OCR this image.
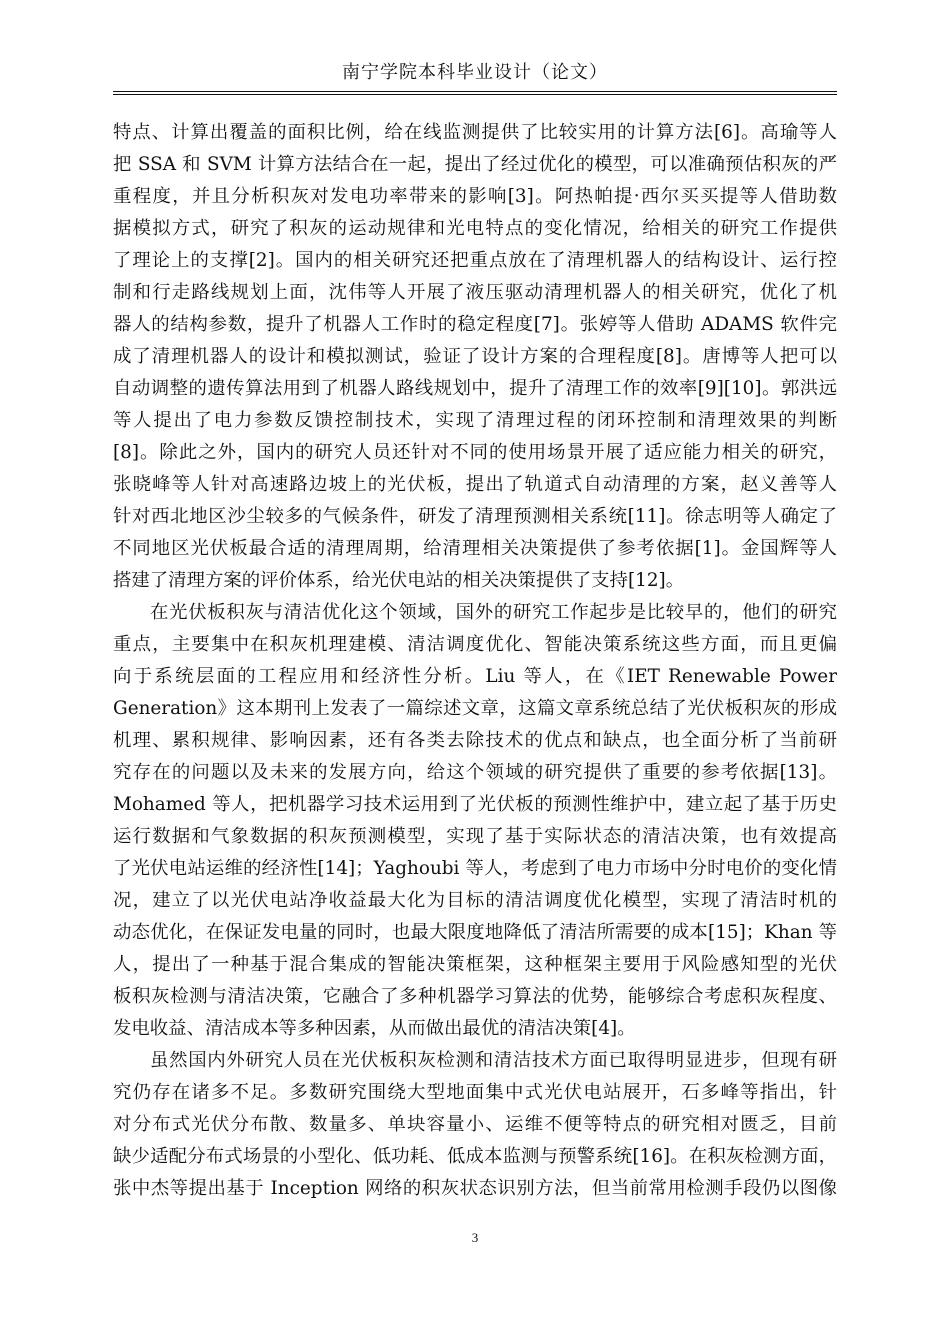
南宁学院本科毕业设计（论文）
特点、计算出覆盖的面积比例，给在线监测提供了比较实用的计算方法[6]。高瑜等人
把 SSA 和 SVM 计算方法结合在一起，提出了经过优化的模型，可以准确预估积灰的严
重程度，并且分析积灰对发电功率带来的影响[3]。阿热帕提·西尔买买提等人借助数
据模拟方式，研究了积灰的运动规律和光电特点的变化情况，给相关的研究工作提供
了理论上的支撑[2]。国内的相关研究还把重点放在了清理机器人的结构设计、运行控
制和行走路线规划上面，沈伟等人开展了液压驱动清理机器人的相关研究，优化了机
器人的结构参数，提升了机器人工作时的稳定程度[7]。张婷等人借助 ADAMS 软件完
成了清理机器人的设计和模拟测试，验证了设计方案的合理程度[8]。唐博等人把可以
自动调整的遗传算法用到了机器人路线规划中，提升了清理工作的效率[9][10]。郭洪远
等人提出了电力参数反馈控制技术，实现了清理过程的闭环控制和清理效果的判断
[8]。除此之外，国内的研究人员还针对不同的使用场景开展了适应能力相关的研究，
张晓峰等人针对高速路边坡上的光伏板，提出了轨道式自动清理的方案，赵义善等人
针对西北地区沙尘较多的气候条件，研发了清理预测相关系统[11]。徐志明等人确定了
不同地区光伏板最合适的清理周期，给清理相关决策提供了参考依据[1]。金国辉等人
搭建了清理方案的评价体系，给光伏电站的相关决策提供了支持[12]。
在光伏板积灰与清洁优化这个领域，国外的研究工作起步是比较早的，他们的研究
重点，主要集中在积灰机理建模、清洁调度优化、智能决策系统这些方面，而且更偏
向于系统层面的工程应用和经济性分析。Liu 等人，在《IET Renewable Power
Generation》这本期刊上发表了一篇综述文章，这篇文章系统总结了光伏板积灰的形成
机理、累积规律、影响因素，还有各类去除技术的优点和缺点，也全面分析了当前研
究存在的问题以及未来的发展方向，给这个领域的研究提供了重要的参考依据[13]。
Mohamed 等人，把机器学习技术运用到了光伏板的预测性维护中，建立起了基于历史
运行数据和气象数据的积灰预测模型，实现了基于实际状态的清洁决策，也有效提高
了光伏电站运维的经济性[14]；Yaghoubi 等人，考虑到了电力市场中分时电价的变化情
况，建立了以光伏电站净收益最大化为目标的清洁调度优化模型，实现了清洁时机的
动态优化，在保证发电量的同时，也最大限度地降低了清洁所需要的成本[15]；Khan 等
人，提出了一种基于混合集成的智能决策框架，这种框架主要用于风险感知型的光伏
板积灰检测与清洁决策，它融合了多种机器学习算法的优势，能够综合考虑积灰程度、
发电收益、清洁成本等多种因素，从而做出最优的清洁决策[4]。
虽然国内外研究人员在光伏板积灰检测和清洁技术方面已取得明显进步，但现有研
究仍存在诸多不足。多数研究围绕大型地面集中式光伏电站展开，石多峰等指出，针
对分布式光伏分布散、数量多、单块容量小、运维不便等特点的研究相对匮乏，目前
缺少适配分布式场景的小型化、低功耗、低成本监测与预警系统[16]。在积灰检测方面，
张中杰等提出基于 Inception 网络的积灰状态识别方法，但当前常用检测手段仍以图像
3
